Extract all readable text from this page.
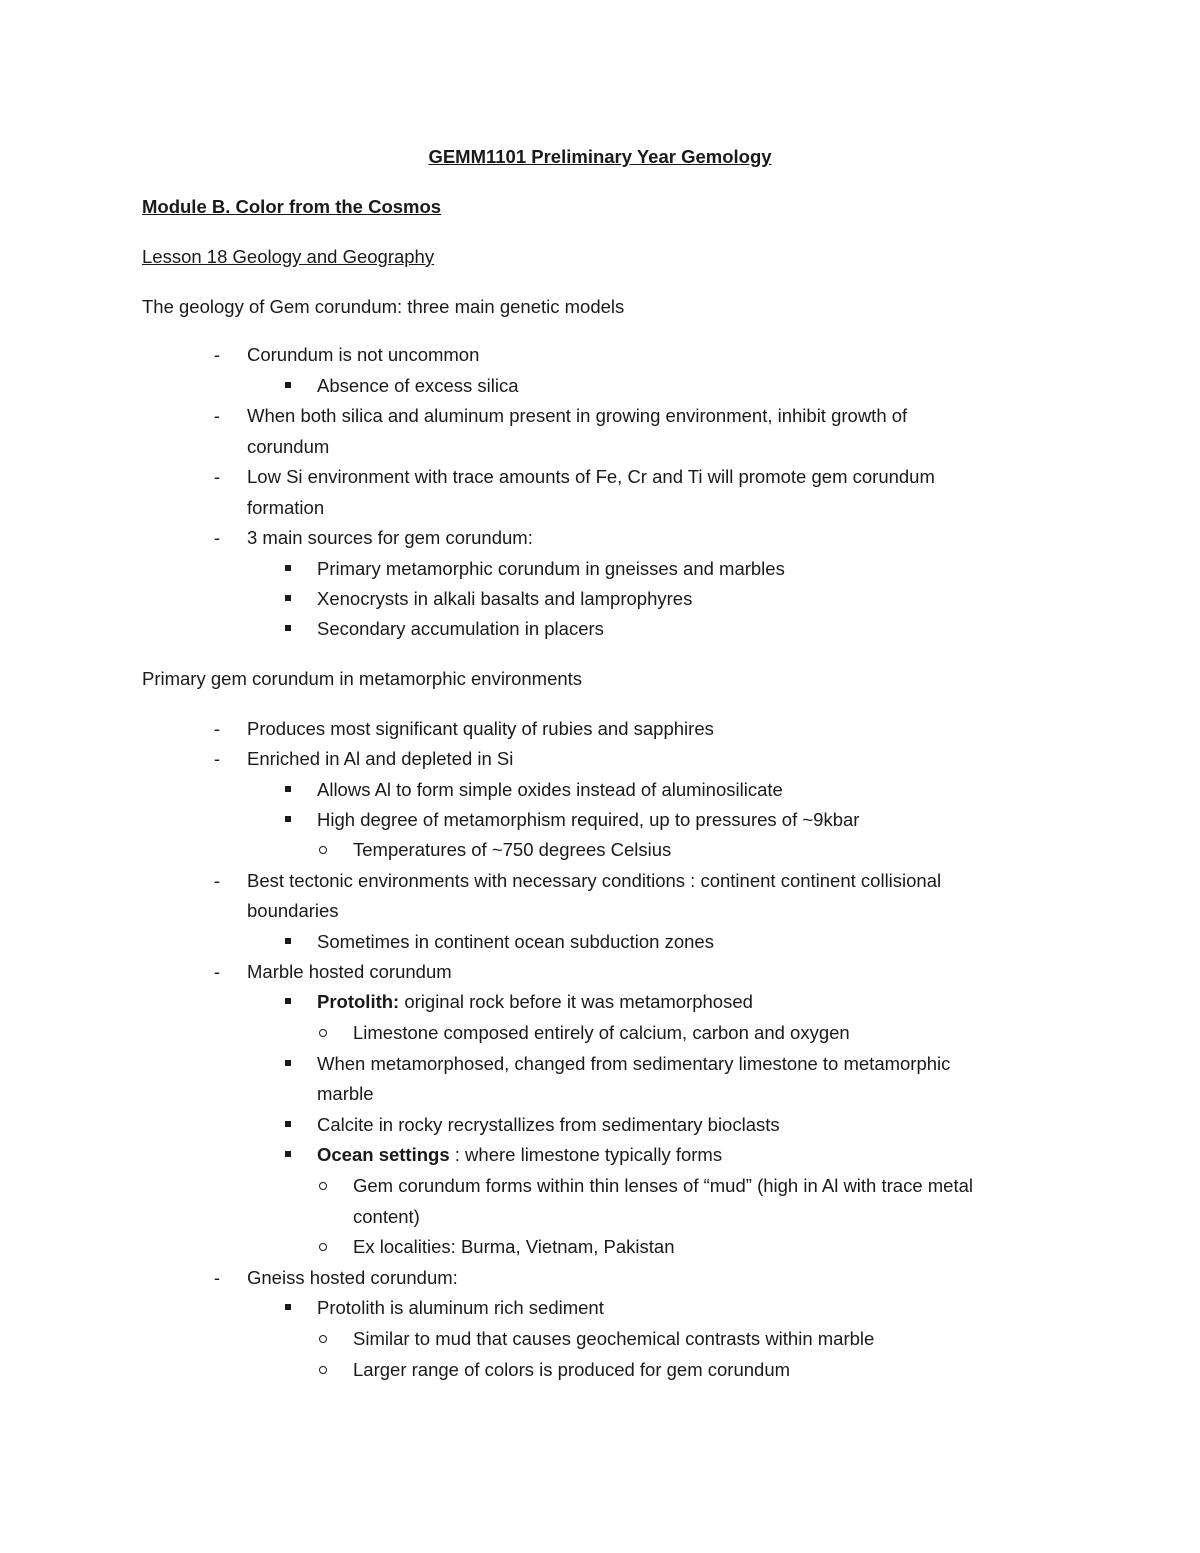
GEMM1101 Preliminary Year Gemology
Module B. Color from the Cosmos
Lesson 18 Geology and Geography
The geology of Gem corundum: three main genetic models
-	Corundum is not uncommon
Absence of excess silica
-	When both silica and aluminum present in growing environment, inhibit growth of
corundum
-	Low Si environment with trace amounts of Fe, Cr and Ti will promote gem corundum
formation
-	3 main sources for gem corundum:
Primary metamorphic corundum in gneisses and marbles
Xenocrysts in alkali basalts and lamprophyres
Secondary accumulation in placers
Primary gem corundum in metamorphic environments
-	Produces most significant quality of rubies and sapphires
-	Enriched in Al and depleted in Si
Allows Al to form simple oxides instead of aluminosilicate
High degree of metamorphism required, up to pressures of ~9kbar
Temperatures of ~750 degrees Celsius
-	Best tectonic environments with necessary conditions : continent continent collisional
boundaries
Sometimes in continent ocean subduction zones
-	Marble hosted corundum
Protolith: original rock before it was metamorphosed
Limestone composed entirely of calcium, carbon and oxygen
When metamorphosed, changed from sedimentary limestone to metamorphic
marble
Calcite in rocky recrystallizes from sedimentary bioclasts
Ocean settings : where limestone typically forms
Gem corundum forms within thin lenses of “mud” (high in Al with trace metal
content)
Ex localities: Burma, Vietnam, Pakistan
-	Gneiss hosted corundum:
Protolith is aluminum rich sediment
Similar to mud that causes geochemical contrasts within marble
Larger range of colors is produced for gem corundum
